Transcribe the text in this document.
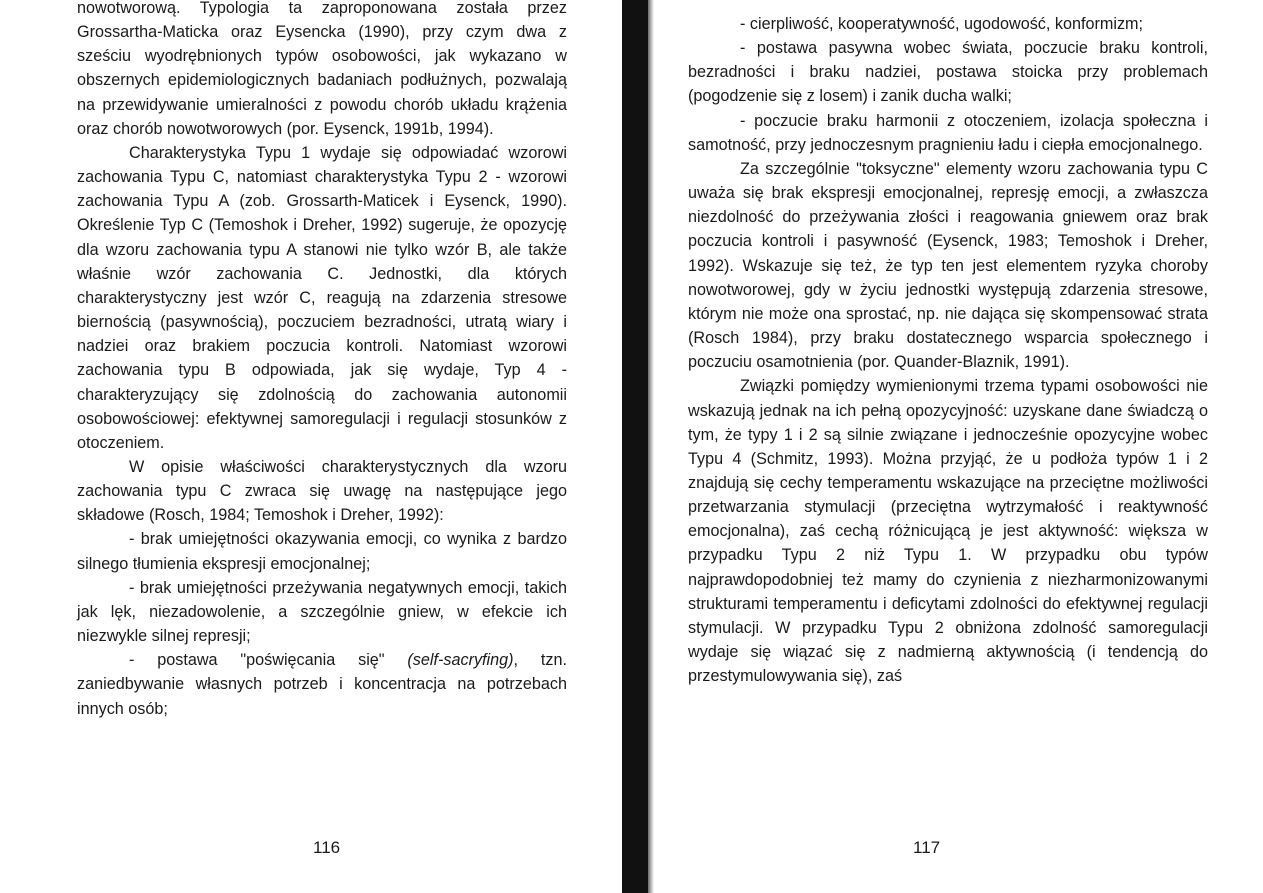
nowotworową. Typologia ta zaproponowana została przez Grossartha-Maticka oraz Eysencka (1990), przy czym dwa z sześciu wyodrębnionych typów osobowości, jak wykazano w obszernych epidemiologicznych badaniach podłużnych, pozwalają na przewidywanie umieralności z powodu chorób układu krążenia oraz chorób nowotworowych (por. Eysenck, 1991b, 1994).

Charakterystyka Typu 1 wydaje się odpowiadać wzorowi zachowania Typu C, natomiast charakterystyka Typu 2 - wzorowi zachowania Typu A (zob. Grossarth-Maticek i Eysenck, 1990). Określenie Typ C (Temoshok i Dreher, 1992) sugeruje, że opozycję dla wzoru zachowania typu A stanowi nie tylko wzór B, ale także właśnie wzór zachowania C. Jednostki, dla których charakterystyczny jest wzór C, reagują na zdarzenia stresowe biernością (pasywnością), poczuciem bezradności, utratą wiary i nadziei oraz brakiem poczucia kontroli. Natomiast wzorowi zachowania typu B odpowiada, jak się wydaje, Typ 4 - charakteryzujący się zdolnością do zachowania autonomii osobowościowej: efektywnej samoregulacji i regulacji stosunków z otoczeniem.

W opisie właściwości charakterystycznych dla wzoru zachowania typu C zwraca się uwagę na następujące jego składowe (Rosch, 1984; Temoshok i Dreher, 1992):

- brak umiejętności okazywania emocji, co wynika z bardzo silnego tłumienia ekspresji emocjonalnej;

- brak umiejętności przeżywania negatywnych emocji, takich jak lęk, niezadowolenie, a szczególnie gniew, w efekcie ich niezwykle silnej represji;

- postawa "poświęcania się" (self-sacryfing), tzn. zaniedbywanie własnych potrzeb i koncentracja na potrzebach innych osób;

116

- cierpliwość, kooperatywność, ugodowość, konformizm;

- postawa pasywna wobec świata, poczucie braku kontroli, bezradności i braku nadziei, postawa stoicka przy problemach (pogodzenie się z losem) i zanik ducha walki;

- poczucie braku harmonii z otoczeniem, izolacja społeczna i samotność, przy jednoczesnym pragnieniu ładu i ciepła emocjonalnego.

Za szczególnie "toksyczne" elementy wzoru zachowania typu C uważa się brak ekspresji emocjonalnej, represję emocji, a zwłaszcza niezdolność do przeżywania złości i reagowania gniewem oraz brak poczucia kontroli i pasywność (Eysenck, 1983; Temoshok i Dreher, 1992). Wskazuje się też, że typ ten jest elementem ryzyka choroby nowotworowej, gdy w życiu jednostki występują zdarzenia stresowe, którym nie może ona sprostać, np. nie dająca się skompensować strata (Rosch 1984), przy braku dostatecznego wsparcia społecznego i poczuciu osamotnienia (por. Quander-Blaznik, 1991).

Związki pomiędzy wymienionymi trzema typami osobowości nie wskazują jednak na ich pełną opozycyjność: uzyskane dane świadczą o tym, że typy 1 i 2 są silnie związane i jednocześnie opozycyjne wobec Typu 4 (Schmitz, 1993). Można przyjąć, że u podłoża typów 1 i 2 znajdują się cechy temperamentu wskazujące na przeciętne możliwości przetwarzania stymulacji (przeciętna wytrzymałość i reaktywność emocjonalna), zaś cechą różnicującą je jest aktywność: większa w przypadku Typu 2 niż Typu 1. W przypadku obu typów najprawdopodobniej też mamy do czynienia z niezharmonizowanymi strukturami temperamentu i deficytami zdolności do efektywnej regulacji stymulacji. W przypadku Typu 2 obniżona zdolność samoregulacji wydaje się wiązać się z nadmierną aktywnością (i tendencją do przestymulowywania się), zaś

117
